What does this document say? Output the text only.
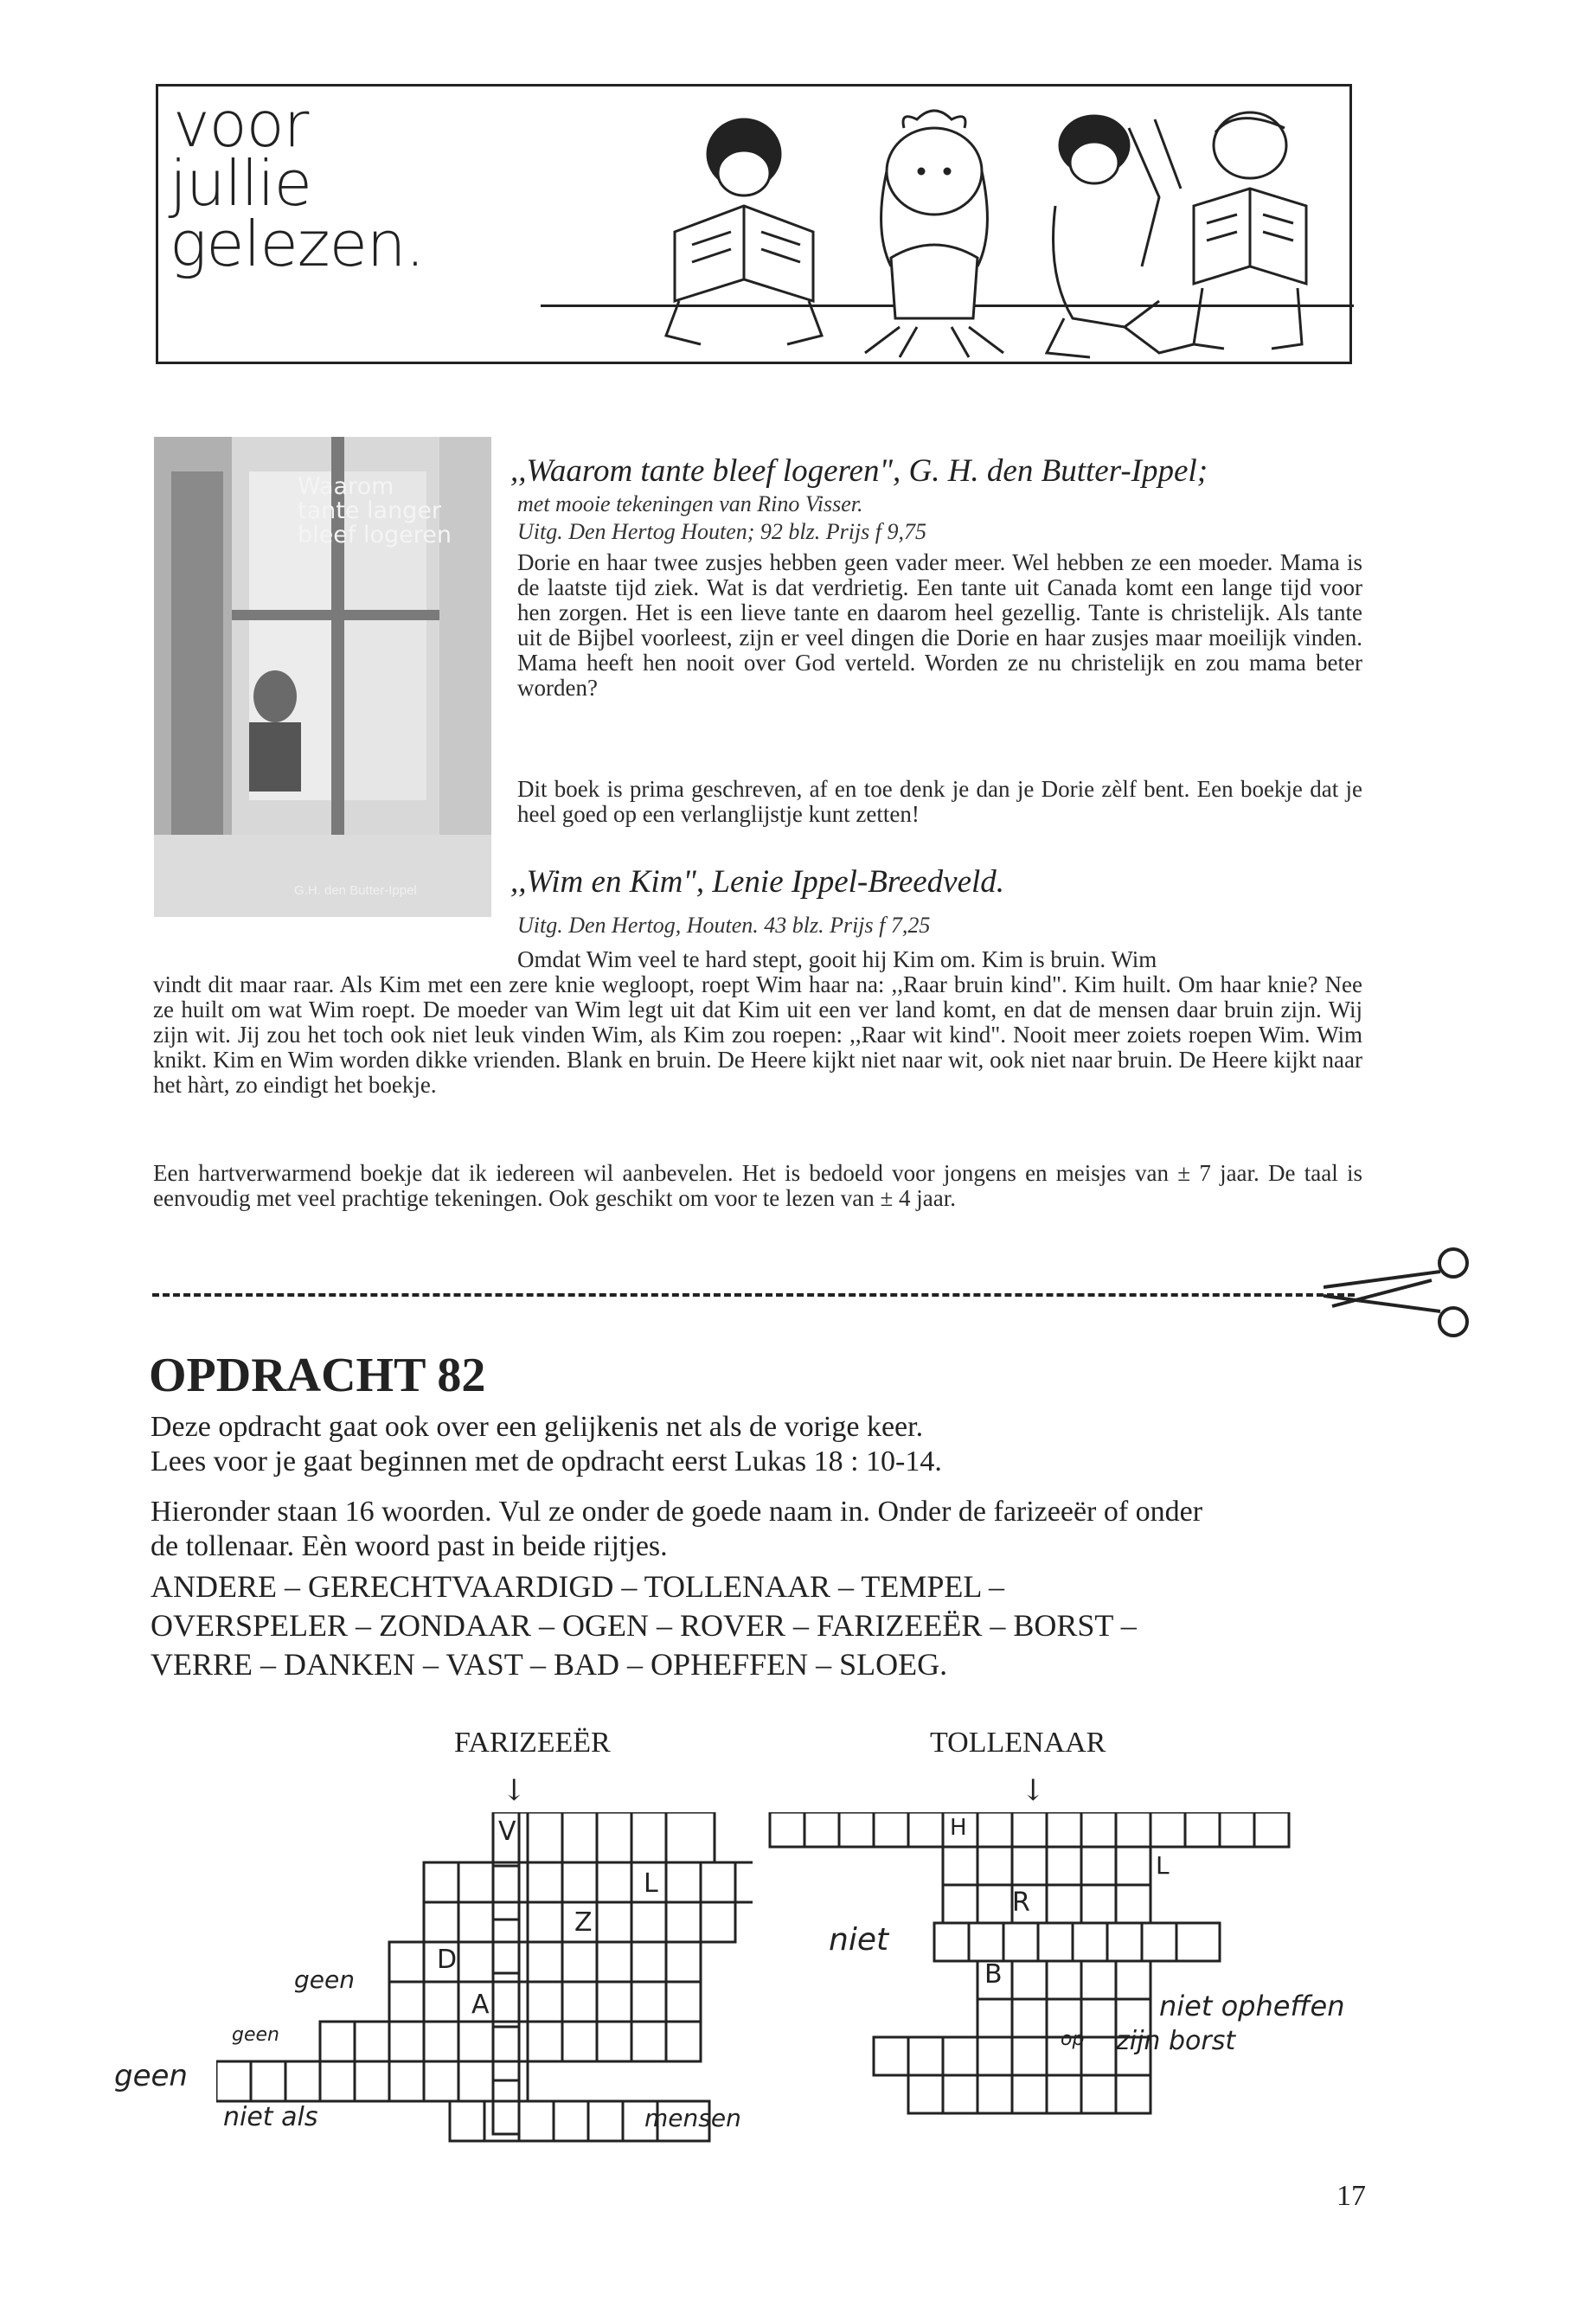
voor
jullie
gelezen.
Waarom
tante langer
bleef logeren
G.H. den Butter-Ippel
,,Waarom tante bleef logeren", G. H. den Butter-Ippel;
met mooie tekeningen van Rino Visser.
Uitg. Den Hertog Houten; 92 blz. Prijs f 9,75
Dorie en haar twee zusjes hebben geen vader meer. Wel hebben ze een moeder. Mama is de laatste tijd ziek. Wat is dat verdrietig. Een tante uit Canada komt een lange tijd voor hen zorgen. Het is een lieve tante en daarom heel gezellig. Tante is christelijk. Als tante uit de Bijbel voorleest, zijn er veel dingen die Dorie en haar zusjes maar moeilijk vinden. Mama heeft hen nooit over God verteld. Worden ze nu christelijk en zou mama beter worden?
Dit boek is prima geschreven, af en toe denk je dan je Dorie zèlf bent. Een boekje dat je heel goed op een verlanglijstje kunt zetten!
,,Wim en Kim", Lenie Ippel-Breedveld.
Uitg. Den Hertog, Houten. 43 blz. Prijs f 7,25
Omdat Wim veel te hard stept, gooit hij Kim om. Kim is bruin. Wim
vindt dit maar raar. Als Kim met een zere knie wegloopt, roept Wim haar na: ,,Raar bruin kind". Kim huilt. Om haar knie? Nee ze huilt om wat Wim roept. De moeder van Wim legt uit dat Kim uit een ver land komt, en dat de mensen daar bruin zijn. Wij zijn wit. Jij zou het toch ook niet leuk vinden Wim, als Kim zou roepen: ,,Raar wit kind". Nooit meer zoiets roepen Wim. Wim knikt. Kim en Wim worden dikke vrienden. Blank en bruin. De Heere kijkt niet naar wit, ook niet naar bruin. De Heere kijkt naar het hàrt, zo eindigt het boekje.
Een hartverwarmend boekje dat ik iedereen wil aanbevelen. Het is bedoeld voor jongens en meisjes van ± 7 jaar. De taal is eenvoudig met veel prachtige tekeningen. Ook geschikt om voor te lezen van ± 4 jaar.
OPDRACHT 82
Deze opdracht gaat ook over een gelijkenis net als de vorige keer.
Lees voor je gaat beginnen met de opdracht eerst Lukas 18 : 10-14.
Hieronder staan 16 woorden. Vul ze onder de goede naam in. Onder de farizeeër of onder
de tollenaar. Eèn woord past in beide rijtjes.
ANDERE – GERECHTVAARDIGD – TOLLENAAR – TEMPEL –
OVERSPELER – ZONDAAR – OGEN – ROVER – FARIZEEËR – BORST –
VERRE – DANKEN – VAST – BAD – OPHEFFEN – SLOEG.
FARIZEEËR	TOLLENAAR
↓	↓
V
L
Z
D
A
geen
geen
geen
niet als	mensen
H
L
R
B
niet
niet opheffen
op zijn borst
17
